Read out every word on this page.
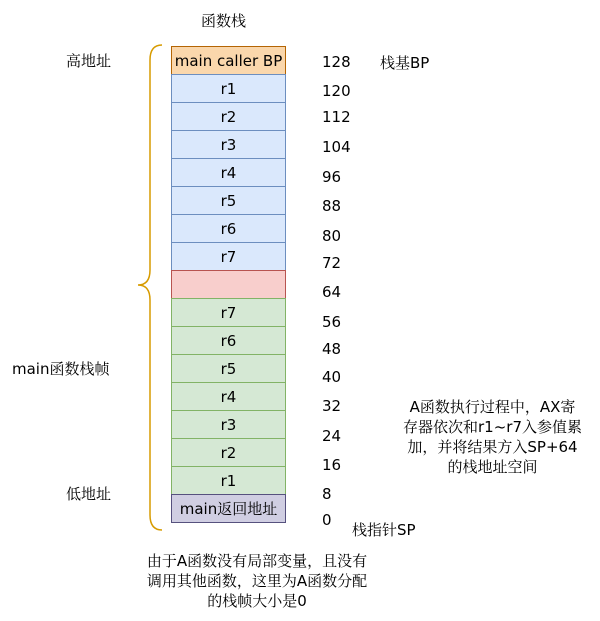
函数栈
高地址
main函数栈帧
低地址
栈基BP
栈指针SP
main caller BP
r1
r2
r3
r4
r5
r6
r7
r7
r6
r5
r4
r3
r2
r1
main返回地址
128
120
112
104
96
88
80
72
64
56
48
40
32
24
16
8
0
A函数执行过程中，AX寄
存器依次和r1~r7入参值累
加，并将结果方入SP+64
的栈地址空间
由于A函数没有局部变量，且没有
调用其他函数，这里为A函数分配
的栈帧大小是0
